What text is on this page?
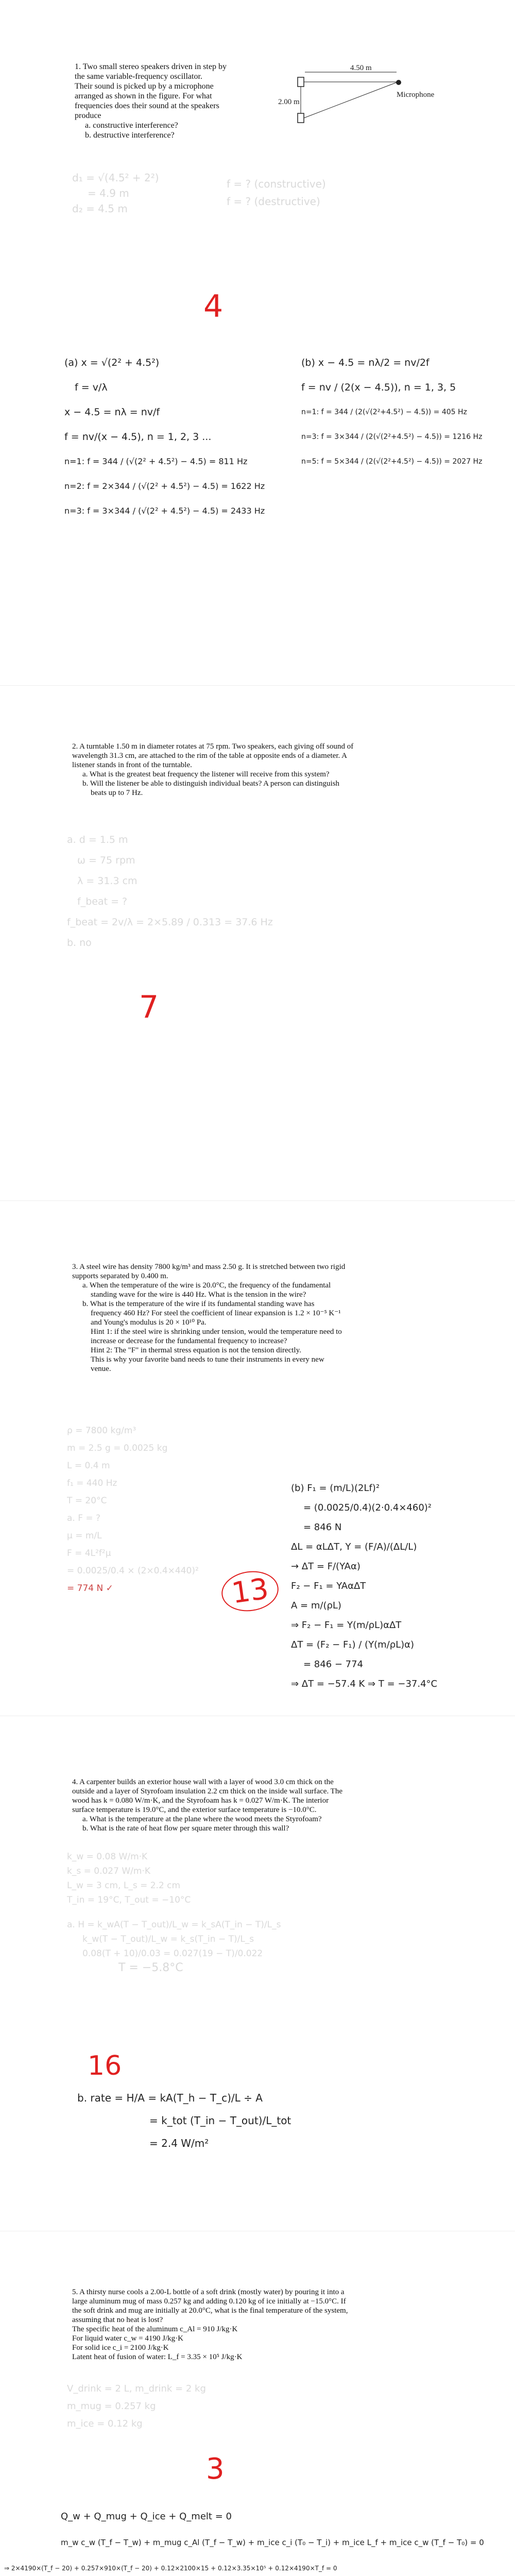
1. Two small stereo speakers driven in step by

the same variable-frequency oscillator.

Their sound is picked up by a microphone

arranged as shown in the figure. For what

frequencies does their sound at the speakers

produce

a. constructive interference?

b. destructive interference?

4.50 m
2.00 m
Microphone
d₁ = √(4.5² + 2²)
= 4.9 m
d₂ = 4.5 m
f = ? (constructive)
f = ? (destructive)
4
(a) x = √(2² + 4.5²)
f = v/λ
x − 4.5 = nλ = nv/f
f = nv/(x − 4.5), n = 1, 2, 3 ...
n=1: f = 344 / (√(2² + 4.5²) − 4.5) = 811 Hz
n=2: f = 2×344 / (√(2² + 4.5²) − 4.5) = 1622 Hz
n=3: f = 3×344 / (√(2² + 4.5²) − 4.5) = 2433 Hz
(b) x − 4.5 = nλ/2 = nv/2f
f = nv / (2(x − 4.5)), n = 1, 3, 5
n=1: f = 344 / (2(√(2²+4.5²) − 4.5)) = 405 Hz
n=3: f = 3×344 / (2(√(2²+4.5²) − 4.5)) = 1216 Hz
n=5: f = 5×344 / (2(√(2²+4.5²) − 4.5)) = 2027 Hz

2. A turntable 1.50 m in diameter rotates at 75 rpm. Two speakers, each giving off sound of

wavelength 31.3 cm, are attached to the rim of the table at opposite ends of a diameter. A

listener stands in front of the turntable.

a. What is the greatest beat frequency the listener will receive from this system?

b. Will the listener be able to distinguish individual beats? A person can distinguish

beats up to 7 Hz.

a. d = 1.5 m
ω = 75 rpm
λ = 31.3 cm
f_beat = ?
f_beat = 2v/λ = 2×5.89 / 0.313 = 37.6 Hz
b. no
7

3. A steel wire has density 7800 kg/m³ and mass 2.50 g. It is stretched between two rigid

supports separated by 0.400 m.

a. When the temperature of the wire is 20.0°C, the frequency of the fundamental

standing wave for the wire is 440 Hz. What is the tension in the wire?

b. What is the temperature of the wire if its fundamental standing wave has

frequency 460 Hz? For steel the coefficient of linear expansion is 1.2 × 10⁻⁵ K⁻¹

and Young's modulus is 20 × 10¹⁰ Pa.

Hint 1: if the steel wire is shrinking under tension, would the temperature need to

increase or decrease for the fundamental frequency to increase?

Hint 2: The "F" in thermal stress equation is not the tension directly.

This is why your favorite band needs to tune their instruments in every new

venue.

ρ = 7800 kg/m³
m = 2.5 g = 0.0025 kg
L = 0.4 m
f₁ = 440 Hz
T = 20°C
a. F = ?
μ = m/L
F = 4L²f²μ
= 0.0025/0.4 × (2×0.4×440)²
= 774 N ✓	13
(b) F₁ = (m/L)(2Lf)²
= (0.0025/0.4)(2·0.4×460)²
= 846 N
ΔL = αLΔT, Y = (F/A)/(ΔL/L)
→ ΔT = F/(YAα)
F₂ − F₁ = YAαΔT
A = m/(ρL)
⇒ F₂ − F₁ = Y(m/ρL)αΔT
ΔT = (F₂ − F₁) / (Y(m/ρL)α)
= 846 − 774
⇒ ΔT = −57.4 K ⇒ T = −37.4°C

4. A carpenter builds an exterior house wall with a layer of wood 3.0 cm thick on the

outside and a layer of Styrofoam insulation 2.2 cm thick on the inside wall surface. The

wood has k = 0.080 W/m·K, and the Styrofoam has k = 0.027 W/m·K. The interior

surface temperature is 19.0°C, and the exterior surface temperature is −10.0°C.

a. What is the temperature at the plane where the wood meets the Styrofoam?

b. What is the rate of heat flow per square meter through this wall?

k_w = 0.08 W/m·K
k_s = 0.027 W/m·K
L_w = 3 cm, L_s = 2.2 cm
T_in = 19°C, T_out = −10°C
a. H = k_wA(T − T_out)/L_w = k_sA(T_in − T)/L_s
k_w(T − T_out)/L_w = k_s(T_in − T)/L_s
0.08(T + 10)/0.03 = 0.027(19 − T)/0.022
T = −5.8°C
16
b. rate = H/A = kA(T_h − T_c)/L ÷ A
= k_tot (T_in − T_out)/L_tot
= 2.4 W/m²

5. A thirsty nurse cools a 2.00-L bottle of a soft drink (mostly water) by pouring it into a

large aluminum mug of mass 0.257 kg and adding 0.120 kg of ice initially at −15.0°C. If

the soft drink and mug are initially at 20.0°C, what is the final temperature of the system,

assuming that no heat is lost?

The specific heat of the aluminum c_Al = 910 J/kg·K

For liquid water c_w = 4190 J/kg·K

For solid ice c_i = 2100 J/kg·K

Latent heat of fusion of water: L_f = 3.35 × 10⁵ J/kg·K

V_drink = 2 L, m_drink = 2 kg
m_mug = 0.257 kg
m_ice = 0.12 kg
3
Q_w + Q_mug + Q_ice + Q_melt = 0
m_w c_w (T_f − T_w) + m_mug c_Al (T_f − T_w) + m_ice c_i (T₀ − T_i) + m_ice L_f + m_ice c_w (T_f − T₀) = 0
⇒ 2×4190×(T_f − 20) + 0.257×910×(T_f − 20) + 0.12×2100×15 + 0.12×3.35×10⁵ + 0.12×4190×T_f = 0
